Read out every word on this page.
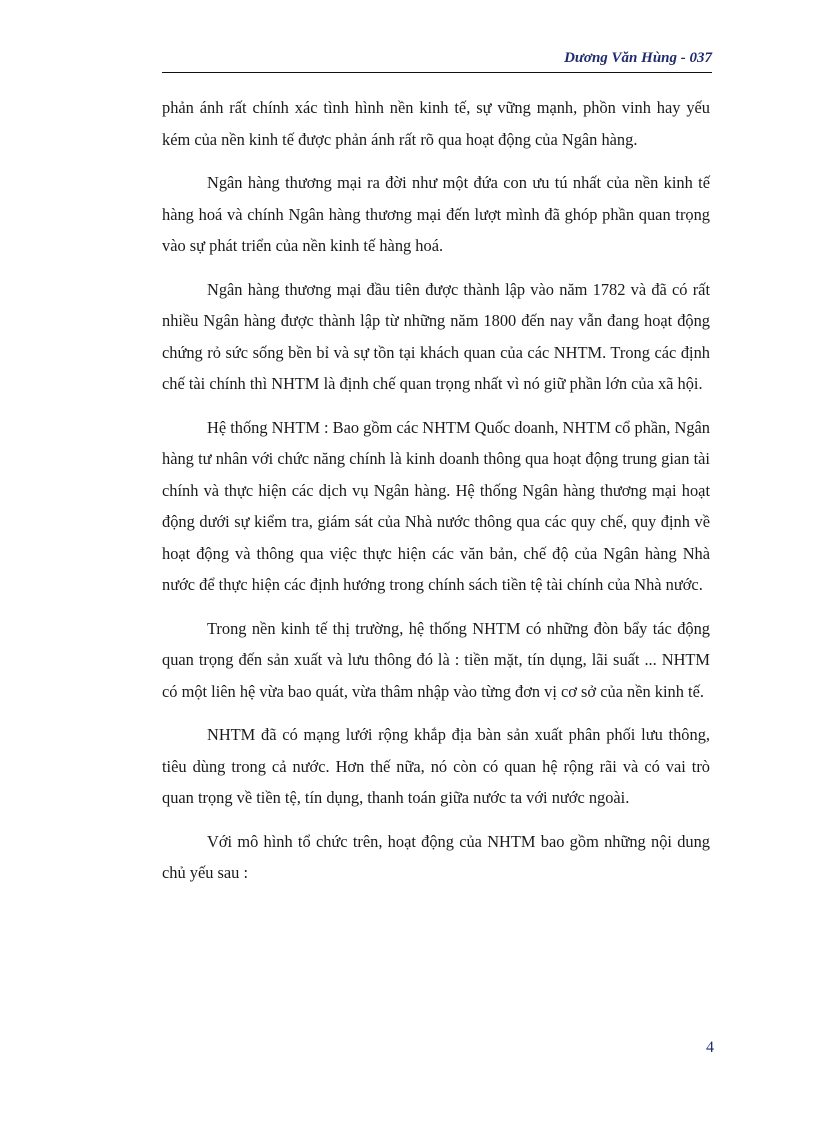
Dương Văn Hùng - 037

phản ánh rất chính xác tình hình nền kinh tế, sự vững mạnh, phồn vinh hay yếu kém của nền kinh tế được phản ánh rất rõ qua hoạt động của Ngân hàng.

Ngân hàng thương mại ra đời như một đứa con ưu tú nhất của nền kinh tế hàng hoá và chính Ngân hàng thương mại đến lượt mình đã ghóp phần quan trọng vào sự phát triển của nền kinh tế hàng hoá.

Ngân hàng thương mại đầu tiên được thành lập vào năm 1782 và đã có rất nhiều Ngân hàng được thành lập từ những năm 1800 đến nay vẫn đang hoạt động chứng rỏ sức sống bền bỉ và sự tồn tại khách quan của các NHTM. Trong các định chế tài chính thì NHTM là định chế quan trọng nhất vì nó giữ phần lớn của xã hội.

Hệ thống NHTM : Bao gồm các NHTM Quốc doanh, NHTM cổ phần, Ngân hàng tư nhân với chức năng chính là kinh doanh thông qua hoạt động trung gian tài chính và thực hiện các dịch vụ Ngân hàng. Hệ thống Ngân hàng thương mại hoạt động dưới sự kiểm tra, giám sát của Nhà nước thông qua các quy chế, quy định về hoạt động và thông qua việc thực hiện các văn bản, chế độ của Ngân hàng Nhà nước để thực hiện các định hướng trong chính sách tiền tệ tài chính của Nhà nước.

Trong nền kinh tế thị trường, hệ thống NHTM có những đòn bẩy tác động quan trọng đến sản xuất và lưu thông đó là : tiền mặt, tín dụng, lãi suất ... NHTM có một liên hệ vừa bao quát, vừa thâm nhập vào từng đơn vị cơ sở của nền kinh tế.

NHTM đã có mạng lưới rộng khắp địa bàn sản xuất phân phối lưu thông, tiêu dùng trong cả nước. Hơn thế nữa, nó còn có quan hệ rộng rãi và có vai trò quan trọng về tiền tệ, tín dụng, thanh toán giữa nước ta với nước ngoài.

Với mô hình tổ chức trên, hoạt động của NHTM bao gồm những nội dung chủ yếu sau :

4
